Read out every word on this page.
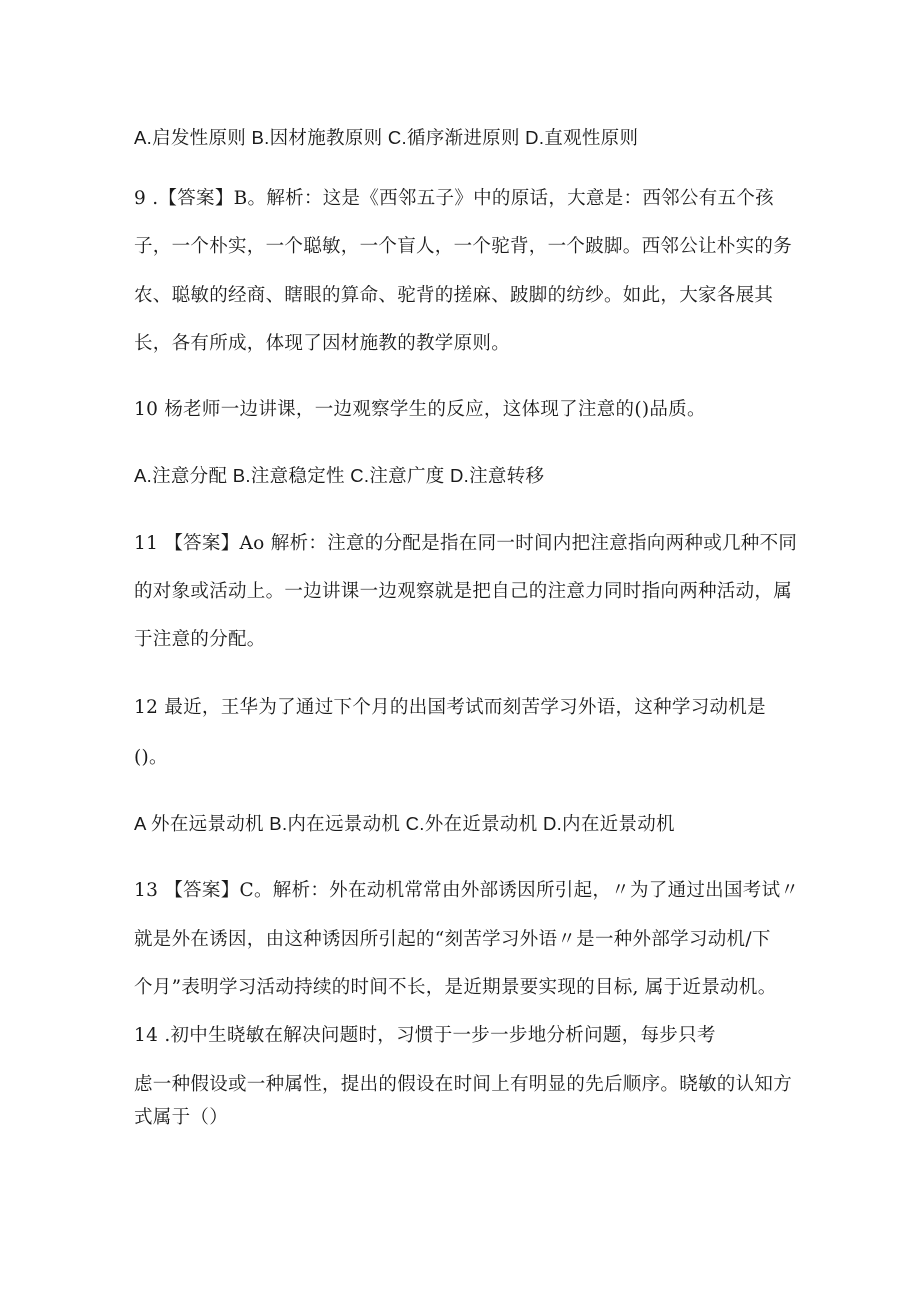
A.启发性原则 B.因材施教原则 C.循序渐进原则 D.直观性原则
9 .【答案】B。解析：这是《西邻五子》中的原话，大意是：西邻公有五个孩
子，一个朴实，一个聪敏，一个盲人，一个驼背，一个跛脚。西邻公让朴实的务
农、聪敏的经商、瞎眼的算命、驼背的搓麻、跛脚的纺纱。如此，大家各展其
长，各有所成，体现了因材施教的教学原则。
10 杨老师一边讲课，一边观察学生的反应，这体现了注意的()品质。
A.注意分配 B.注意稳定性 C.注意广度 D.注意转移
11 【答案】Ao 解析：注意的分配是指在同一时间内把注意指向两种或几种不同
的对象或活动上。一边讲课一边观察就是把自己的注意力同时指向两种活动，属
于注意的分配。
12 最近，王华为了通过下个月的出国考试而刻苦学习外语，这种学习动机是
()。
A 外在远景动机 B.内在远景动机 C.外在近景动机 D.内在近景动机
13 【答案】C。解析：外在动机常常由外部诱因所引起，〃为了通过出国考试〃
就是外在诱因，由这种诱因所引起的“刻苦学习外语〃是一种外部学习动机/下
个月”表明学习活动持续的时间不长，是近期景要实现的目标, 属于近景动机。
14 .初中生晓敏在解决问题时，习惯于一步一步地分析问题，每步只考
虑一种假设或一种属性，提出的假设在时间上有明显的先后顺序。晓敏的认知方
式属于（）
